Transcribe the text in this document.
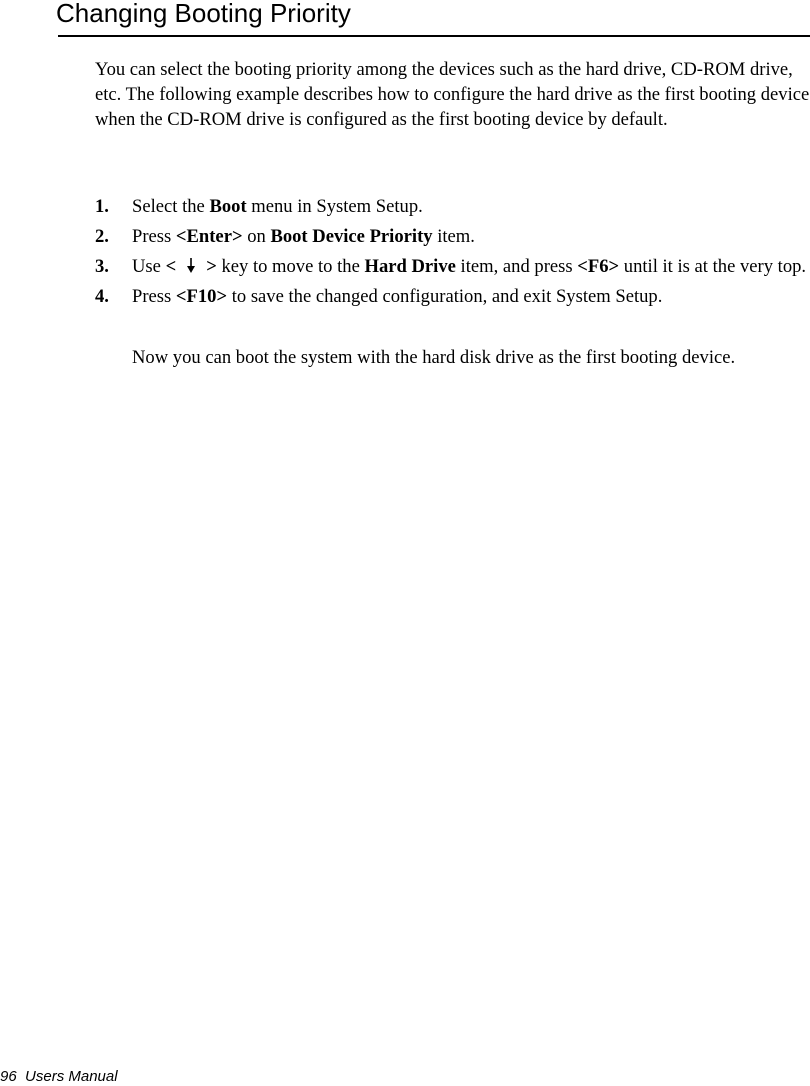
Changing Booting Priority

You can select the booting priority among the devices such as the hard drive, CD-ROM drive, etc. The following example describes how to configure the hard drive as the first booting device when the CD-ROM drive is configured as the first booting device by default.

1. Select the Boot menu in System Setup.
2. Press <Enter> on Boot Device Priority item.
3. Use < > key to move to the Hard Drive item, and press <F6> until it is at the very top.
4. Press <F10> to save the changed configuration, and exit System Setup.

Now you can boot the system with the hard disk drive as the first booting device.

96  Users Manual
